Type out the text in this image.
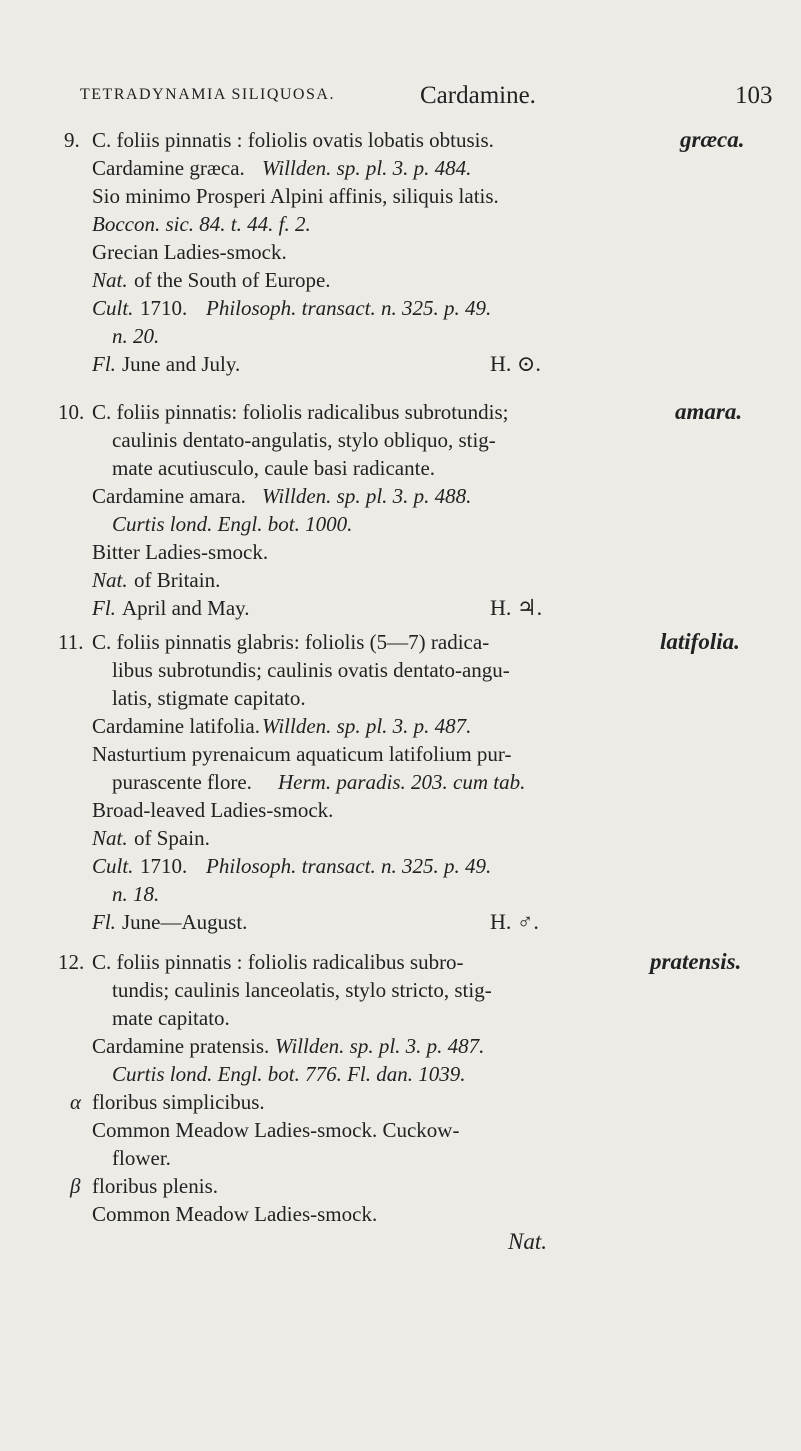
TETRADYNAMIA SILIQUOSA.	Cardamine.	103
9. C. foliis pinnatis : foliolis ovatis lobatis obtusis.	græca.
Cardamine græca. Willden. sp. pl. 3. p. 484.
Sio minimo Prosperi Alpini affinis, siliquis latis.
Boccon. sic. 84. t. 44. f. 2.
Grecian Ladies-smock.
Nat. of the South of Europe.
Cult. 1710. Philosoph. transact. n. 325. p. 49.
n. 20.
Fl. June and July.	H. ⊙.
10. C. foliis pinnatis: foliolis radicalibus subrotundis;	amara.
caulinis dentato-angulatis, stylo obliquo, stig-
mate acutiusculo, caule basi radicante.
Cardamine amara. Willden. sp. pl. 3. p. 488.
Curtis lond. Engl. bot. 1000.
Bitter Ladies-smock.
Nat. of Britain.
Fl. April and May.	H. ♃.
11. C. foliis pinnatis glabris: foliolis (5—7) radica-	latifolia.
libus subrotundis; caulinis ovatis dentato-angu-
latis, stigmate capitato.
Cardamine latifolia. Willden. sp. pl. 3. p. 487.
Nasturtium pyrenaicum aquaticum latifolium pur-
purascente flore. Herm. paradis. 203. cum tab.
Broad-leaved Ladies-smock.
Nat. of Spain.
Cult. 1710. Philosoph. transact. n. 325. p. 49.
n. 18.
Fl. June—August.	H. ♂.
12. C. foliis pinnatis : foliolis radicalibus subro-	pratensis.
tundis; caulinis lanceolatis, stylo stricto, stig-
mate capitato.
Cardamine pratensis. Willden. sp. pl. 3. p. 487.
Curtis lond. Engl. bot. 776. Fl. dan. 1039.
α floribus simplicibus.
Common Meadow Ladies-smock. Cuckow-
flower.
β floribus plenis.
Common Meadow Ladies-smock.
Nat.
